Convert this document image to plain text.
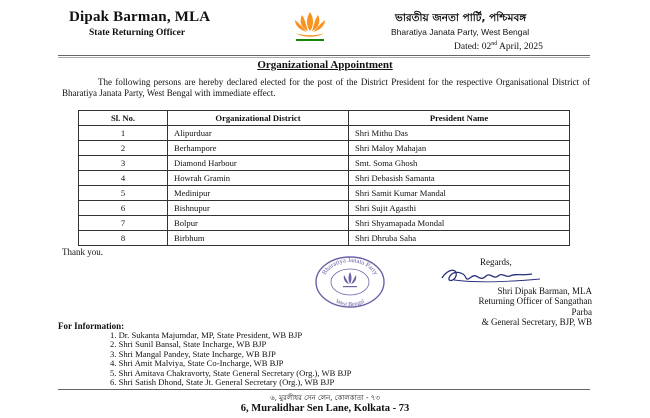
Dipak Barman, MLA
State Returning Officer
ভারতীয় জনতা পার্টি, পশ্চিমবঙ্গ
Bharatiya Janata Party, West Bengal
Dated: 02nd April, 2025
Organizational Appointment
The following persons are hereby declared elected for the post of the District President for the respective Organisational District of Bharatiya Janata Party, West Bengal with immediate effect.
Sl. No.	Organizational District	President Name
1	Alipurduar	Shri Mithu Das
2	Berhampore	Shri Maloy Mahajan
3	Diamond Harbour	Smt. Soma Ghosh
4	Howrah Gramin	Shri Debasish Samanta
5	Medinipur	Shri Samit Kumar Mandal
6	Bishnupur	Shri Sujit Agasthi
7	Bolpur	Shri Shyamapada Mondal
8	Birbhum	Shri Dhruba Saha
Thank you.
Bharatiya Janata Party
West Bengal
Regards,
Shri Dipak Barman, MLA
Returning Officer of Sangathan Parba
& General Secretary, BJP, WB
For Information:
1. Dr. Sukanta Majumdar, MP, State President, WB BJP
2. Shri Sunil Bansal, State Incharge, WB BJP
3. Shri Mangal Pandey, State Incharge, WB BJP
4. Shri Amit Malviya, State Co-Incharge, WB BJP
5. Shri Amitava Chakravorty, State General Secretary (Org.), WB BJP
6. Shri Satish Dhond, State Jt. General Secretary (Org.), WB BJP
৬, মুরলীধর সেন লেন, কোলকাতা - ৭৩
6, Muralidhar Sen Lane, Kolkata - 73
